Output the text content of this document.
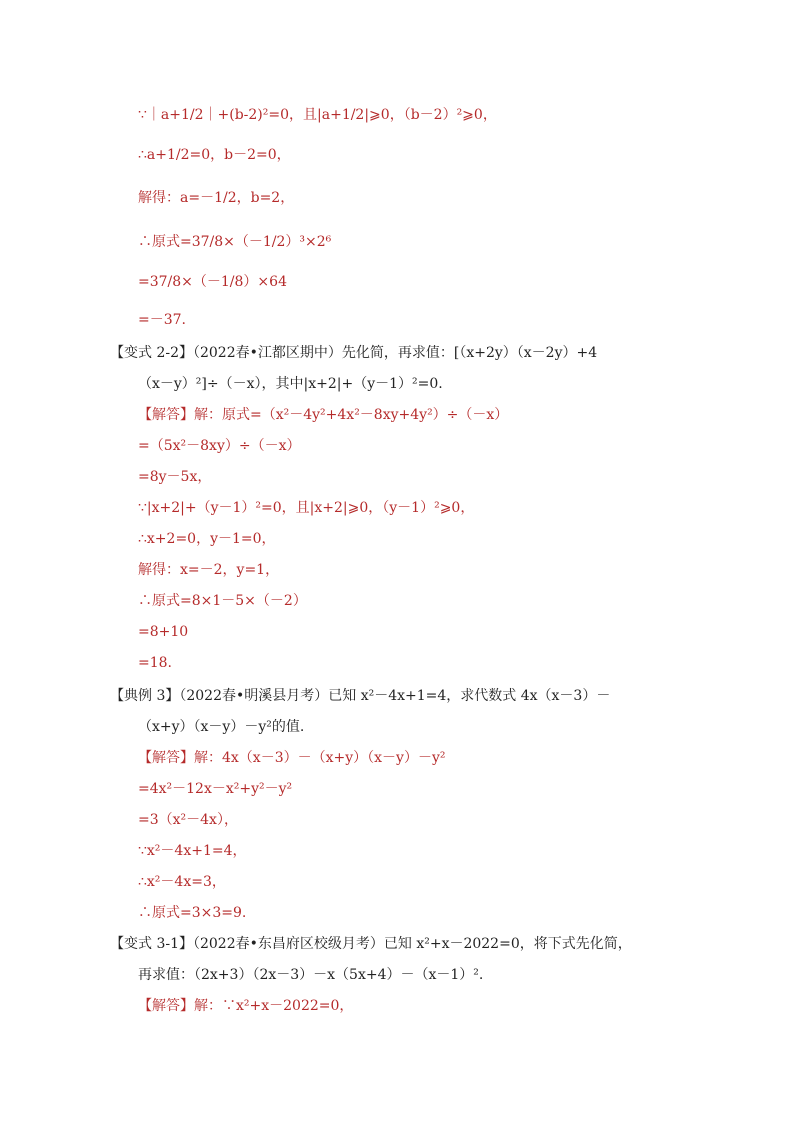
∵｜a+1/2｜+(b-2)²=0，且|a+1/2|⩾0，（b－2）²⩾0，
∴a+1/2=0，b－2=0，
解得：a=－1/2，b=2，
∴原式=37/8×（－1/2）³×2⁶
=37/8×（－1/8）×64
=－37.
【变式 2-2】（2022春•江都区期中）先化简，再求值：[（x+2y）（x－2y）+4
（x－y）²]÷（－x），其中|x+2|+（y－1）²=0.
【解答】解：原式=（x²－4y²+4x²－8xy+4y²）÷（－x）
=（5x²－8xy）÷（－x）
=8y－5x，
∵|x+2|+（y－1）²=0，且|x+2|⩾0，（y－1）²⩾0，
∴x+2=0，y－1=0，
解得：x=－2，y=1，
∴原式=8×1－5×（－2）
=8+10
=18.
【典例 3】（2022春•明溪县月考）已知 x²－4x+1=4，求代数式 4x（x－3）－
（x+y）（x－y）－y²的值.
【解答】解：4x（x－3）－（x+y）（x－y）－y²
=4x²－12x－x²+y²－y²
=3（x²－4x），
∵x²－4x+1=4，
∴x²－4x=3，
∴原式=3×3=9.
【变式 3-1】（2022春•东昌府区校级月考）已知 x²+x－2022=0，将下式先化简，
再求值：（2x+3）（2x－3）－x（5x+4）－（x－1）².
【解答】解：∵x²+x－2022=0，
